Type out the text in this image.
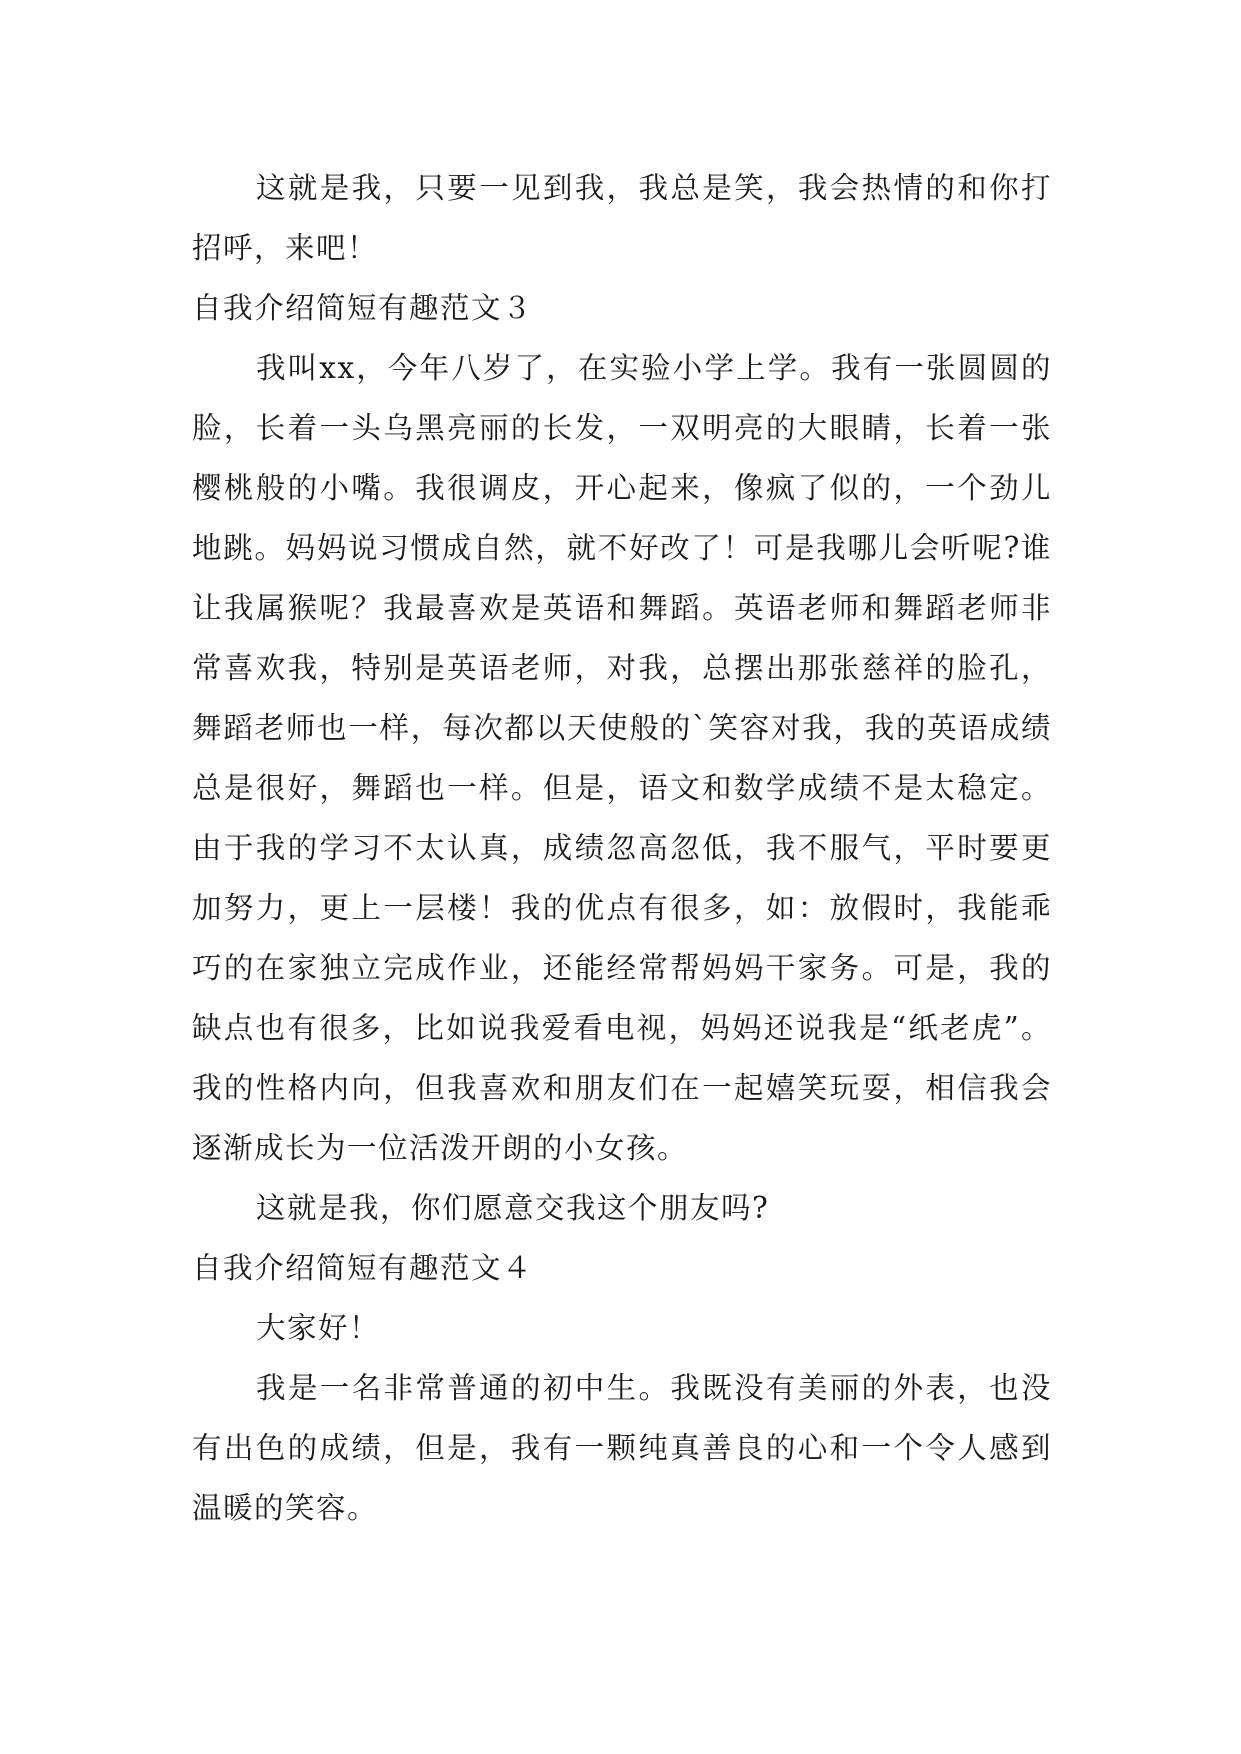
这就是我，只要一见到我，我总是笑，我会热情的和你打招呼，来吧！

自我介绍简短有趣范文３

我叫xx，今年八岁了，在实验小学上学。我有一张圆圆的脸，长着一头乌黑亮丽的长发，一双明亮的大眼睛，长着一张樱桃般的小嘴。我很调皮，开心起来，像疯了似的，一个劲儿地跳。妈妈说习惯成自然，就不好改了！可是我哪儿会听呢?谁让我属猴呢？我最喜欢是英语和舞蹈。英语老师和舞蹈老师非常喜欢我，特别是英语老师，对我，总摆出那张慈祥的脸孔，舞蹈老师也一样，每次都以天使般的`笑容对我，我的英语成绩总是很好，舞蹈也一样。但是，语文和数学成绩不是太稳定。由于我的学习不太认真，成绩忽高忽低，我不服气，平时要更加努力，更上一层楼！我的优点有很多，如：放假时，我能乖巧的在家独立完成作业，还能经常帮妈妈干家务。可是，我的缺点也有很多，比如说我爱看电视，妈妈还说我是“纸老虎”。我的性格内向，但我喜欢和朋友们在一起嬉笑玩耍，相信我会逐渐成长为一位活泼开朗的小女孩。

这就是我，你们愿意交我这个朋友吗?

自我介绍简短有趣范文４

大家好！

我是一名非常普通的初中生。我既没有美丽的外表，也没有出色的成绩，但是，我有一颗纯真善良的心和一个令人感到温暖的笑容。
